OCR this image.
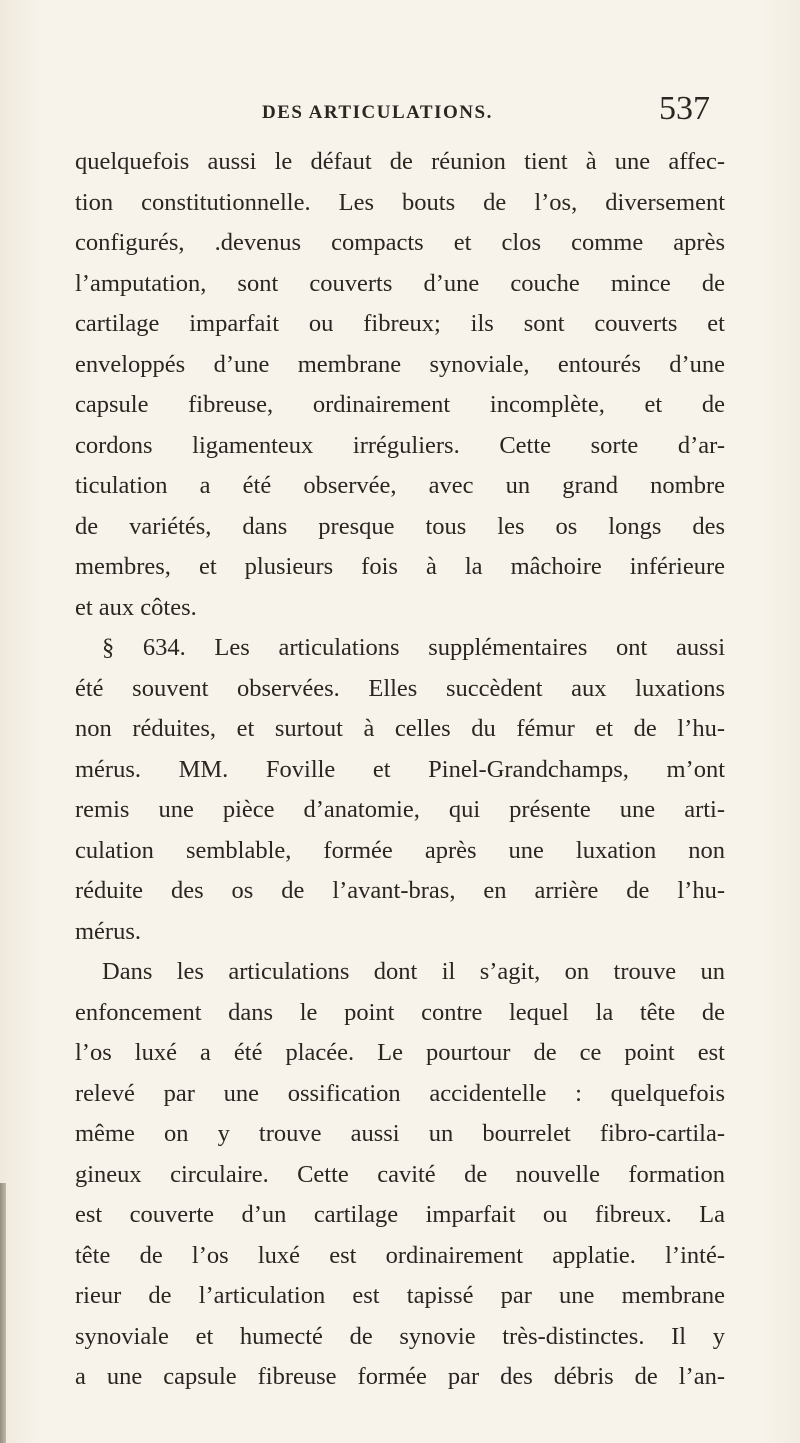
DES ARTICULATIONS.	537
quelquefois aussi le défaut de réunion tient à une affec-
tion constitutionnelle. Les bouts de l’os, diversement
configurés, .devenus compacts et clos comme après
l’amputation, sont couverts d’une couche mince de
cartilage imparfait ou fibreux; ils sont couverts et
enveloppés d’une membrane synoviale, entourés d’une
capsule fibreuse, ordinairement incomplète, et de
cordons ligamenteux irréguliers. Cette sorte d’ar-
ticulation a été observée, avec un grand nombre
de variétés, dans presque tous les os longs des
membres, et plusieurs fois à la mâchoire inférieure
et aux côtes.
§ 634. Les articulations supplémentaires ont aussi
été souvent observées. Elles succèdent aux luxations
non réduites, et surtout à celles du fémur et de l’hu-
mérus. MM. Foville et Pinel-Grandchamps, m’ont
remis une pièce d’anatomie, qui présente une arti-
culation semblable, formée après une luxation non
réduite des os de l’avant-bras, en arrière de l’hu-
mérus.
Dans les articulations dont il s’agit, on trouve un
enfoncement dans le point contre lequel la tête de
l’os luxé a été placée. Le pourtour de ce point est
relevé par une ossification accidentelle : quelquefois
même on y trouve aussi un bourrelet fibro-cartila-
gineux circulaire. Cette cavité de nouvelle formation
est couverte d’un cartilage imparfait ou fibreux. La
tête de l’os luxé est ordinairement applatie. l’inté-
rieur de l’articulation est tapissé par une membrane
synoviale et humecté de synovie très-distinctes. Il y
a une capsule fibreuse formée par des débris de l’an-
